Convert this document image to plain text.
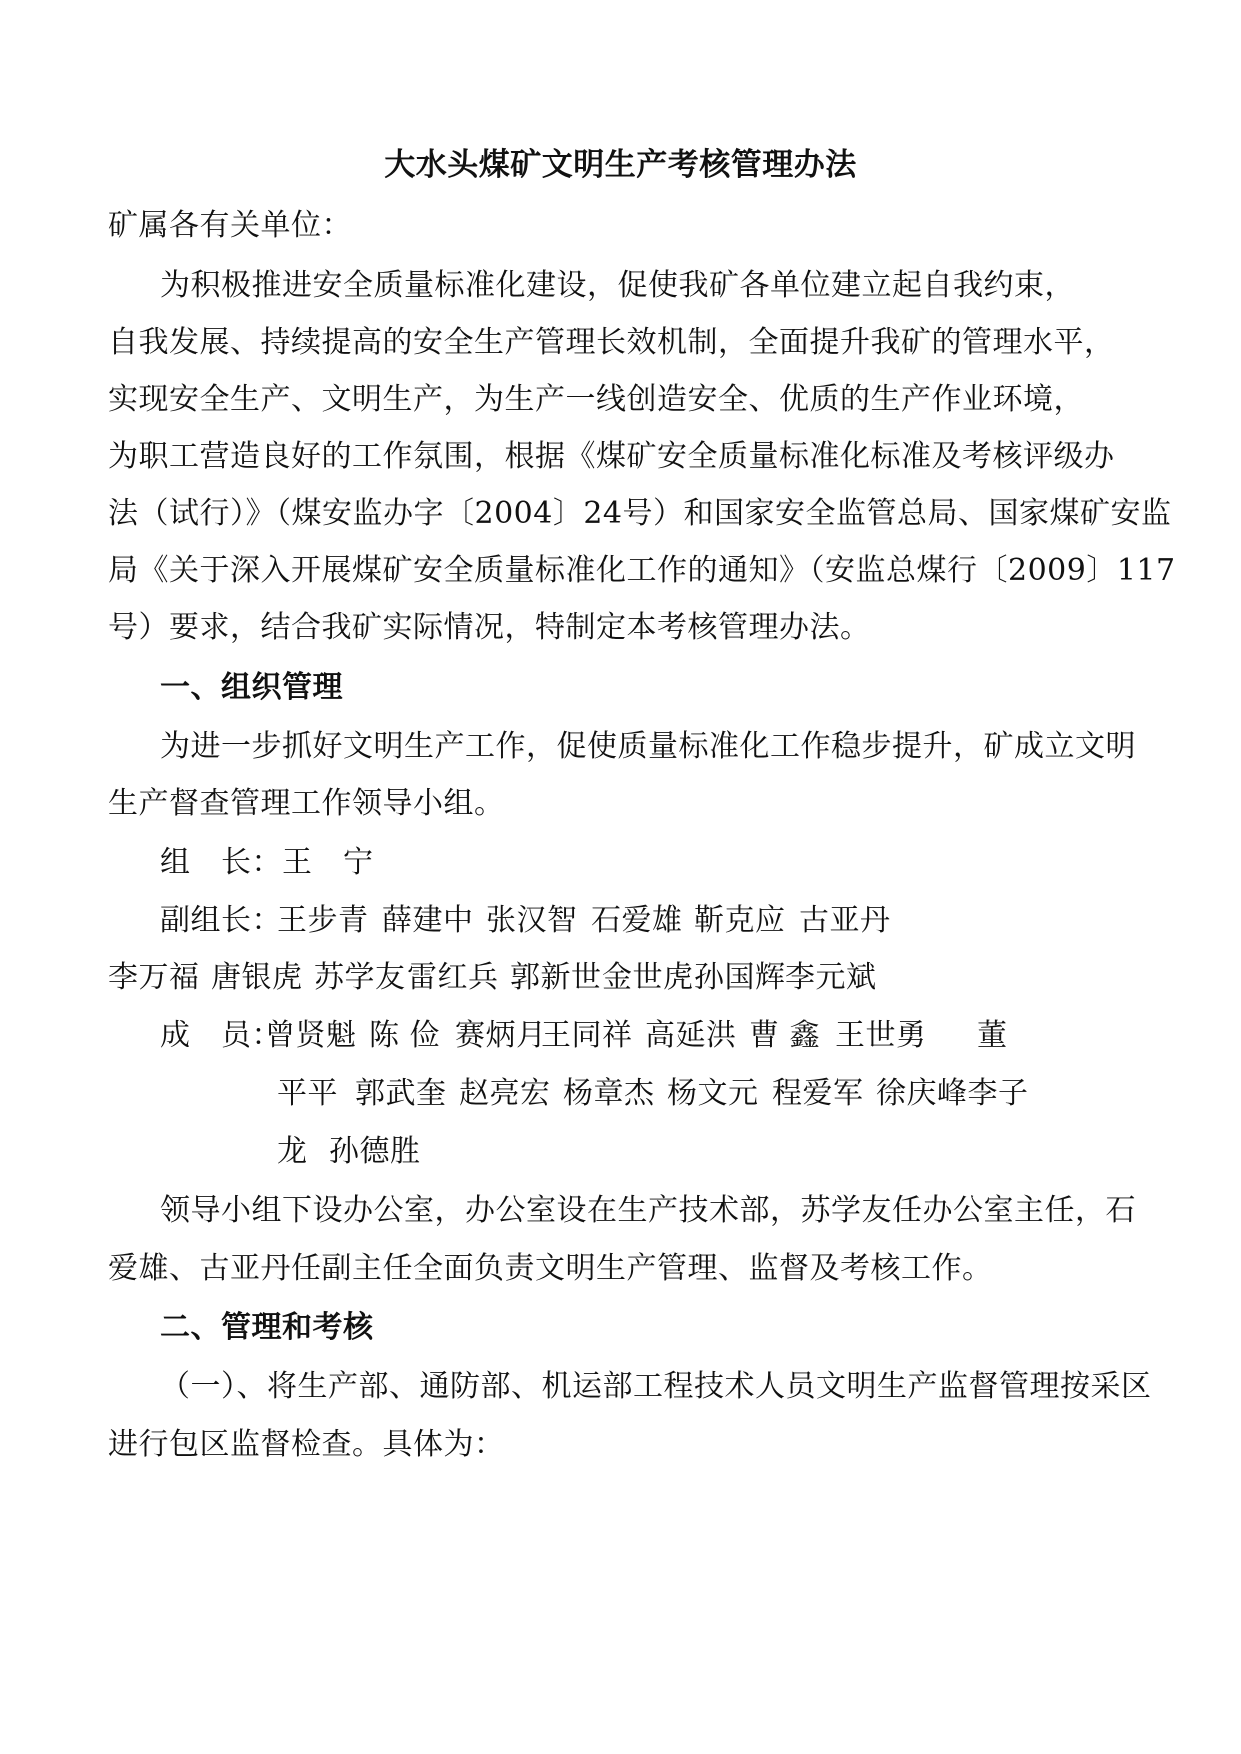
大水头煤矿文明生产考核管理办法
矿属各有关单位：
为积极推进安全质量标准化建设，促使我矿各单位建立起自我约束，
自我发展、持续提高的安全生产管理长效机制，全面提升我矿的管理水平，
实现安全生产、文明生产，为生产一线创造安全、优质的生产作业环境，
为职工营造良好的工作氛围，根据《煤矿安全质量标准化标准及考核评级办
法（试行）》（煤安监办字〔2004〕24号）和国家安全监管总局、国家煤矿安监
局《关于深入开展煤矿安全质量标准化工作的通知》（安监总煤行〔2009〕117
号）要求，结合我矿实际情况，特制定本考核管理办法。
一、组织管理
为进一步抓好文明生产工作，促使质量标准化工作稳步提升，矿成立文明
生产督查管理工作领导小组。
组　长：王　宁
副组长：
王步青 薛建中 张汉智 石爱雄 靳克应 古亚丹
李万福 唐银虎 苏学友 雷红兵 郭新世 金世虎 孙国辉 李元斌
成　员：
曾贤魁 陈 俭 赛炳月
王同祥 高延洪 曹 鑫 王世勇 董
平平 郭武奎 赵亮宏 杨章杰 杨文元 程爱军 徐庆峰李子
龙 孙德胜
领导小组下设办公室，办公室设在生产技术部，苏学友任办公室主任，石
爱雄、古亚丹任副主任全面负责文明生产管理、监督及考核工作。
二、管理和考核
（一）、将生产部、通防部、机运部工程技术人员文明生产监督管理按采区
进行包区监督检查。具体为：
